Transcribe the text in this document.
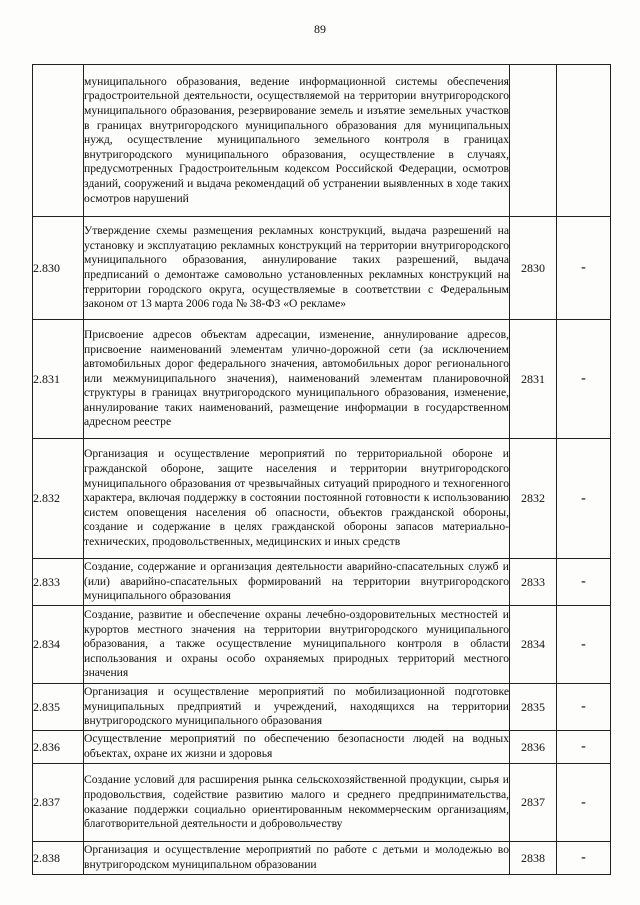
89
	муниципального образования, ведение информационной системы обеспечения градостроительной деятельности, осуществляемой на территории внутригородского муниципального образования, резервирование земель и изъятие земельных участков в границах внутригородского муниципального образования для муниципальных нужд, осуществление муниципального земельного контроля в границах внутригородского муниципального образования, осуществление в случаях, предусмотренных Градостроительным кодексом Российской Федерации, осмотров зданий, сооружений и выдача рекомендаций об устранении выявленных в ходе таких осмотров нарушений		
2.830	Утверждение схемы размещения рекламных конструкций, выдача разрешений на установку и эксплуатацию рекламных конструкций на территории внутригородского муниципального образования, аннулирование таких разрешений, выдача предписаний о демонтаже самовольно установленных рекламных конструкций на территории городского округа, осуществляемые в соответствии с Федеральным законом от 13 марта 2006 года № 38-ФЗ «О рекламе»	2830	-
2.831	Присвоение адресов объектам адресации, изменение, аннулирование адресов, присвоение наименований элементам улично-дорожной сети (за исключением автомобильных дорог федерального значения, автомобильных дорог регионального или межмуниципального значения), наименований элементам планировочной структуры в границах внутригородского муниципального образования, изменение, аннулирование таких наименований, размещение информации в государственном адресном реестре	2831	-
2.832	Организация и осуществление мероприятий по территориальной обороне и гражданской обороне, защите населения и территории внутригородского муниципального образования от чрезвычайных ситуаций природного и техногенного характера, включая поддержку в состоянии постоянной готовности к использованию систем оповещения населения об опасности, объектов гражданской обороны, создание и содержание в целях гражданской обороны запасов материально-технических, продовольственных, медицинских и иных средств	2832	-
2.833	Создание, содержание и организация деятельности аварийно-спасательных служб и (или) аварийно-спасательных формирований на территории внутригородского муниципального образования	2833	-
2.834	Создание, развитие и обеспечение охраны лечебно-оздоровительных местностей и курортов местного значения на территории внутригородского муниципального образования, а также осуществление муниципального контроля в области использования и охраны особо охраняемых природных территорий местного значения	2834	-
2.835	Организация и осуществление мероприятий по мобилизационной подготовке муниципальных предприятий и учреждений, находящихся на территории внутригородского муниципального образования	2835	-
2.836	Осуществление мероприятий по обеспечению безопасности людей на водных объектах, охране их жизни и здоровья	2836	-
2.837	Создание условий для расширения рынка сельскохозяйственной продукции, сырья и продовольствия, содействие развитию малого и среднего предпринимательства, оказание поддержки социально ориентированным некоммерческим организациям, благотворительной деятельности и добровольчеству	2837	-
2.838	Организация и осуществление мероприятий по работе с детьми и молодежью во внутригородском муниципальном образовании	2838	-
